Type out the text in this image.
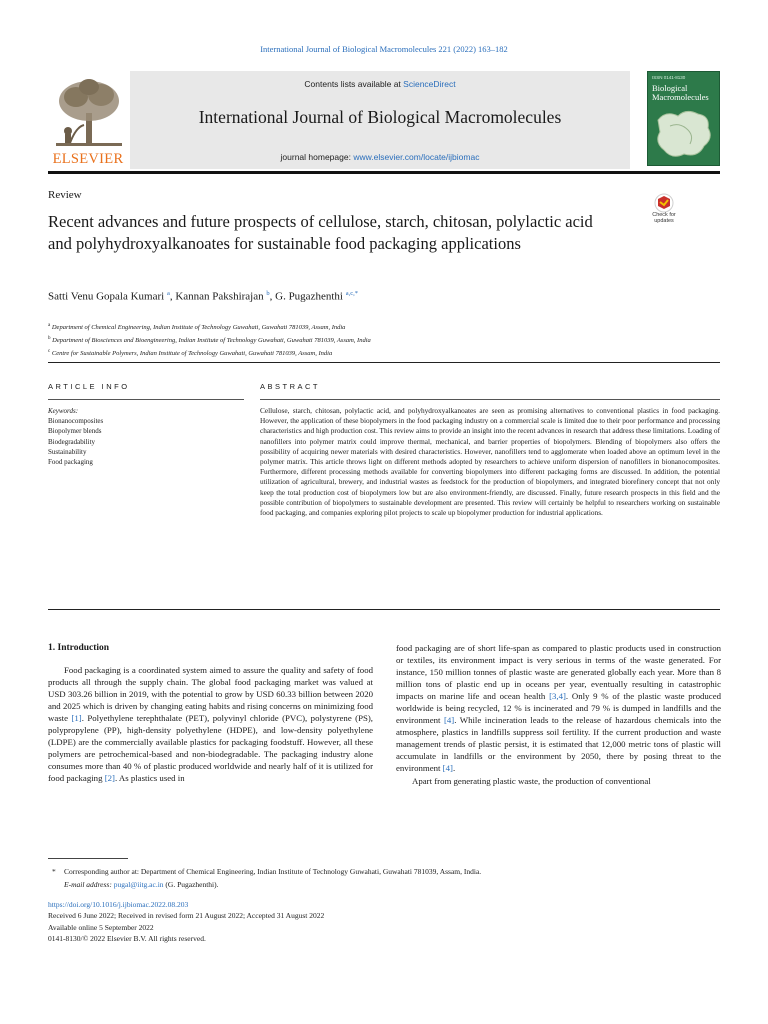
International Journal of Biological Macromolecules 221 (2022) 163–182
ELSEVIER
Contents lists available at ScienceDirect
International Journal of Biological Macromolecules
journal homepage: www.elsevier.com/locate/ijbiomac
ISSN 0141-8130
Biological
Macromolecules
Review
Recent advances and future prospects of cellulose, starch, chitosan, polylactic acid and polyhydroxyalkanoates for sustainable food packaging applications
Check for
updates
Satti Venu Gopala Kumari $^a$, Kannan Pakshirajan $^b$, G. Pugazhenthi $^{a,c,*}$
$^a$ Department of Chemical Engineering, Indian Institute of Technology Guwahati, Guwahati 781039, Assam, India
$^b$ Department of Biosciences and Bioengineering, Indian Institute of Technology Guwahati, Guwahati 781039, Assam, India
$^c$ Centre for Sustainable Polymers, Indian Institute of Technology Guwahati, Guwahati 781039, Assam, India
ARTICLE INFO	ABSTRACT
Keywords:
Bionanocomposites
Biopolymer blends
Biodegradability
Sustainability
Food packaging
Cellulose, starch, chitosan, polylactic acid, and polyhydroxyalkanoates are seen as promising alternatives to conventional plastics in food packaging. However, the application of these biopolymers in the food packaging industry on a commercial scale is limited due to their poor performance and processing characteristics and high production cost. This review aims to provide an insight into the recent advances in research that address these limitations. Loading of nanofillers into polymer matrix could improve thermal, mechanical, and barrier properties of biopolymers. Blending of biopolymers also offers the possibility of acquiring newer materials with desired characteristics. However, nanofillers tend to agglomerate when loaded above an optimum level in the polymer matrix. This article throws light on different methods adopted by researchers to achieve uniform dispersion of nanofillers in bionanocomposites. Furthermore, different processing methods available for converting biopolymers into different packaging forms are discussed. In addition, the potential utilization of agricultural, brewery, and industrial wastes as feedstock for the production of biopolymers, and integrated biorefinery concept that not only keep the total production cost of biopolymers low but are also environment-friendly, are discussed. Finally, future research prospects in this field and the possible contribution of biopolymers to sustainable development are presented. This review will certainly be helpful to researchers working on sustainable food packaging, and companies exploring pilot projects to scale up biopolymer production for industrial applications.
1. Introduction

Food packaging is a coordinated system aimed to assure the quality and safety of food products all through the supply chain. The global food packaging market was valued at USD 303.26 billion in 2019, with the potential to grow by USD 60.33 billion between 2020 and 2025 which is driven by changing eating habits and rising concerns on minimizing food waste [1]. Polyethylene terephthalate (PET), polyvinyl chloride (PVC), polystyrene (PS), polypropylene (PP), high-density polyethylene (HDPE), and low-density polyethylene (LDPE) are the commercially available plastics for packaging foodstuff. However, all these polymers are petrochemical-based and non-biodegradable. The packaging industry alone consumes more than 40 % of plastic produced worldwide and nearly half of it is utilized for food packaging [2]. As plastics used in

food packaging are of short life-span as compared to plastic products used in construction or textiles, its environment impact is very serious in terms of the waste generated. For instance, 150 million tonnes of plastic waste are generated globally each year. More than 8 million tons of plastic end up in oceans per year, eventually resulting in catastrophic impacts on marine life and ocean health [3,4]. Only 9 % of the plastic waste produced worldwide is being recycled, 12 % is incinerated and 79 % is dumped in landfills and the environment [4]. While incineration leads to the release of hazardous chemicals into the atmosphere, plastics in landfills suppress soil fertility. If the current production and waste management trends of plastic persist, it is estimated that 12,000 metric tons of plastic will accumulate in landfills or the environment by 2050, there by posing threat to the environment [4].

Apart from generating plastic waste, the production of conventional

* Corresponding author at: Department of Chemical Engineering, Indian Institute of Technology Guwahati, Guwahati 781039, Assam, India.
E-mail address: pugal@iitg.ac.in (G. Pugazhenthi).
https://doi.org/10.1016/j.ijbiomac.2022.08.203
Received 6 June 2022; Received in revised form 21 August 2022; Accepted 31 August 2022
Available online 5 September 2022
0141-8130/© 2022 Elsevier B.V. All rights reserved.
